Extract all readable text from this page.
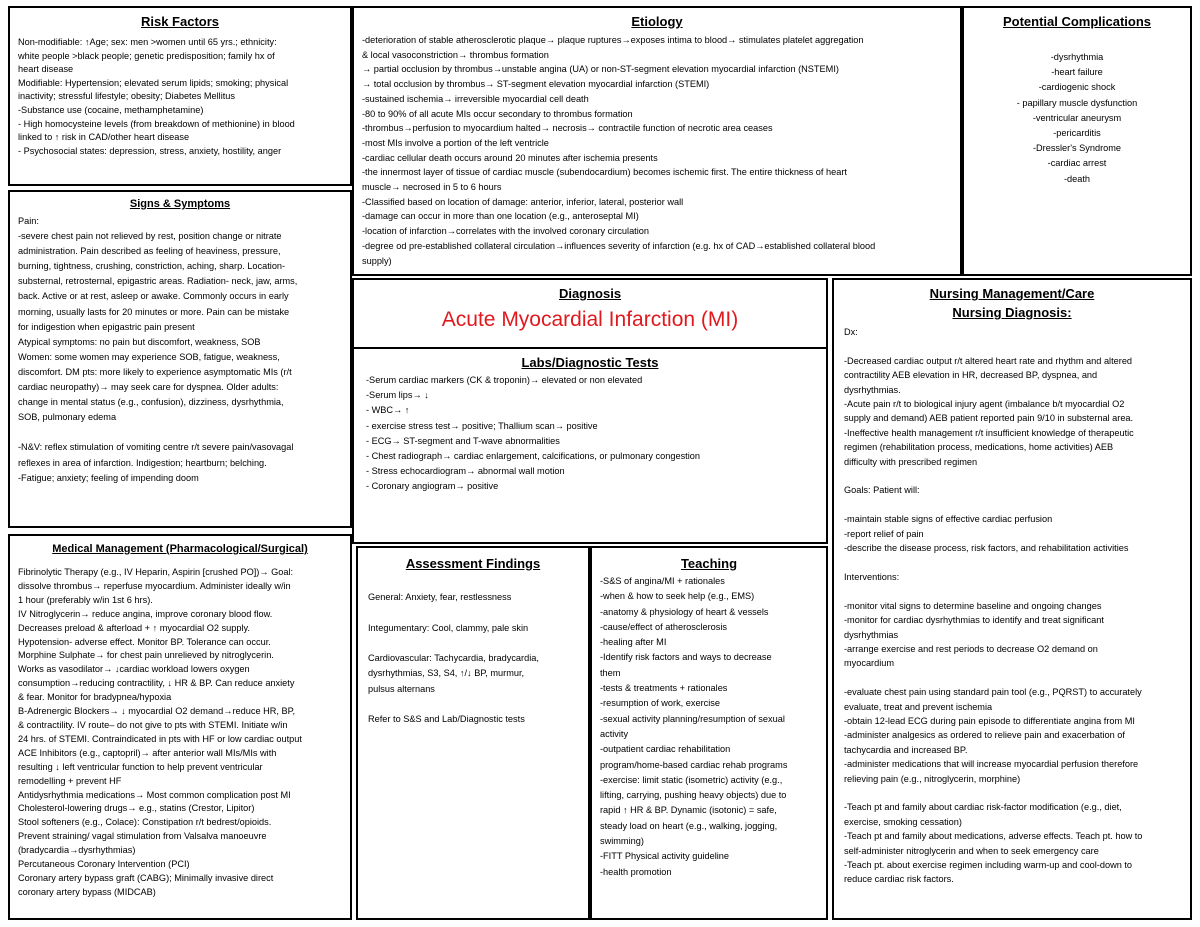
Risk Factors
Non-modifiable: ↑Age; sex: men >women until 65 yrs.; ethnicity:
white people >black people; genetic predisposition; family hx of
heart disease
Modifiable: Hypertension; elevated serum lipids; smoking; physical
inactivity; stressful lifestyle; obesity; Diabetes Mellitus
-Substance use (cocaine, methamphetamine)
- High homocysteine levels (from breakdown of methionine) in blood
linked to ↑ risk in CAD/other heart disease
- Psychosocial states: depression, stress, anxiety, hostility, anger
Etiology
-deterioration of stable atherosclerotic plaque→ plaque ruptures→exposes intima to blood→ stimulates platelet aggregation
& local vasoconstriction→ thrombus formation
→ partial occlusion by thrombus→unstable angina (UA) or non-ST-segment elevation myocardial infarction (NSTEMI)
→ total occlusion by thrombus→ ST-segment elevation myocardial infarction (STEMI)
-sustained ischemia→ irreversible myocardial cell death
-80 to 90% of all acute MIs occur secondary to thrombus formation
-thrombus→perfusion to myocardium halted→ necrosis→ contractile function of necrotic area ceases
-most MIs involve a portion of the left ventricle
-cardiac cellular death occurs around 20 minutes after ischemia presents
-the innermost layer of tissue of cardiac muscle (subendocardium) becomes ischemic first. The entire thickness of heart
muscle→ necrosed in 5 to 6 hours
-Classified based on location of damage: anterior, inferior, lateral, posterior wall
-damage can occur in more than one location (e.g., anteroseptal MI)
-location of infarction→correlates with the involved coronary circulation
-degree od pre-established collateral circulation→influences severity of infarction (e.g. hx of CAD→established collateral blood
supply)
Potential Complications
-dysrhythmia
-heart failure
-cardiogenic shock
- papillary muscle dysfunction
-ventricular aneurysm
-pericarditis
-Dressler's Syndrome
-cardiac arrest
-death
Signs & Symptoms
Pain:
-severe chest pain not relieved by rest, position change or nitrate
administration. Pain described as feeling of heaviness, pressure,
burning, tightness, crushing, constriction, aching, sharp. Location-
substernal, retrosternal, epigastric areas. Radiation- neck, jaw, arms,
back. Active or at rest, asleep or awake. Commonly occurs in early
morning, usually lasts for 20 minutes or more. Pain can be mistake
for indigestion when epigastric pain present
Atypical symptoms: no pain but discomfort, weakness, SOB
Women: some women may experience SOB, fatigue, weakness,
discomfort. DM pts: more likely to experience asymptomatic MIs (r/t
cardiac neuropathy)→ may seek care for dyspnea. Older adults:
change in mental status (e.g., confusion), dizziness, dysrhythmia,
SOB, pulmonary edema

-N&V: reflex stimulation of vomiting centre r/t severe pain/vasovagal
reflexes in area of infarction. Indigestion; heartburn; belching.
-Fatigue; anxiety; feeling of impending doom
Diagnosis
Acute Myocardial Infarction (MI)
Labs/Diagnostic Tests
-Serum cardiac markers (CK & troponin)→ elevated or non elevated
-Serum lips→ ↓
- WBC→ ↑
- exercise stress test→ positive; Thallium scan→ positive
- ECG→ ST-segment and T-wave abnormalities
- Chest radiograph→ cardiac enlargement, calcifications, or pulmonary congestion
- Stress echocardiogram→ abnormal wall motion
- Coronary angiogram→ positive
Nursing Management/Care
Nursing Diagnosis:
Dx:

-Decreased cardiac output r/t altered heart rate and rhythm and altered
contractility AEB elevation in HR, decreased BP, dyspnea, and
dysrhythmias.
-Acute pain r/t to biological injury agent (imbalance b/t myocardial O2
supply and demand) AEB patient reported pain 9/10 in substernal area.
-Ineffective health management r/t insufficient knowledge of therapeutic
regimen (rehabilitation process, medications, home activities) AEB
difficulty with prescribed regimen

Goals: Patient will:

-maintain stable signs of effective cardiac perfusion
-report relief of pain
-describe the disease process, risk factors, and rehabilitation activities

Interventions:

-monitor vital signs to determine baseline and ongoing changes
-monitor for cardiac dysrhythmias to identify and treat significant
dysrhythmias
-arrange exercise and rest periods to decrease O2 demand on
myocardium

-evaluate chest pain using standard pain tool (e.g., PQRST) to accurately
evaluate, treat and prevent ischemia
-obtain 12-lead ECG during pain episode to differentiate angina from MI
-administer analgesics as ordered to relieve pain and exacerbation of
tachycardia and increased BP.
-administer medications that will increase myocardial perfusion therefore
relieving pain (e.g., nitroglycerin, morphine)

-Teach pt and family about cardiac risk-factor modification (e.g., diet,
exercise, smoking cessation)
-Teach pt and family about medications, adverse effects. Teach pt. how to
self-administer nitroglycerin and when to seek emergency care
-Teach pt. about exercise regimen including warm-up and cool-down to
reduce cardiac risk factors.
Medical Management (Pharmacological/Surgical)
Fibrinolytic Therapy (e.g., IV Heparin, Aspirin [crushed PO])→ Goal:
dissolve thrombus→ reperfuse myocardium. Administer ideally w/in
1 hour (preferably w/in 1st 6 hrs).
IV Nitroglycerin→ reduce angina, improve coronary blood flow.
Decreases preload & afterload + ↑ myocardial O2 supply.
Hypotension- adverse effect. Monitor BP. Tolerance can occur.
Morphine Sulphate→ for chest pain unrelieved by nitroglycerin.
Works as vasodilator→ ↓cardiac workload lowers oxygen
consumption→reducing contractility, ↓ HR & BP. Can reduce anxiety
& fear. Monitor for bradypnea/hypoxia
B-Adrenergic Blockers→ ↓ myocardial O2 demand→reduce HR, BP,
& contractility. IV route– do not give to pts with STEMI. Initiate w/in
24 hrs. of STEMI. Contraindicated in pts with HF or low cardiac output
ACE Inhibitors (e.g., captopril)→ after anterior wall MIs/MIs with
resulting ↓ left ventricular function to help prevent ventricular
remodelling + prevent HF
Antidysrhythmia medications→ Most common complication post MI
Cholesterol-lowering drugs→ e.g., statins (Crestor, Lipitor)
Stool softeners (e.g., Colace): Constipation r/t bedrest/opioids.
Prevent straining/ vagal stimulation from Valsalva manoeuvre
(bradycardia→dysrhythmias)
Percutaneous Coronary Intervention (PCI)
Coronary artery bypass graft (CABG); Minimally invasive direct
coronary artery bypass (MIDCAB)
Assessment Findings
General: Anxiety, fear, restlessness

Integumentary: Cool, clammy, pale skin

Cardiovascular: Tachycardia, bradycardia,
dysrhythmias, S3, S4, ↑/↓ BP, murmur,
pulsus alternans

Refer to S&S and Lab/Diagnostic tests
Teaching
-S&S of angina/MI + rationales
-when & how to seek help (e.g., EMS)
-anatomy & physiology of heart & vessels
-cause/effect of atherosclerosis
-healing after MI
-Identify risk factors and ways to decrease
them
-tests & treatments + rationales
-resumption of work, exercise
-sexual activity planning/resumption of sexual
activity
-outpatient cardiac rehabilitation
program/home-based cardiac rehab programs
-exercise: limit static (isometric) activity (e.g.,
lifting, carrying, pushing heavy objects) due to
rapid ↑ HR & BP. Dynamic (isotonic) = safe,
steady load on heart (e.g., walking, jogging,
swimming)
-FITT Physical activity guideline
-health promotion
